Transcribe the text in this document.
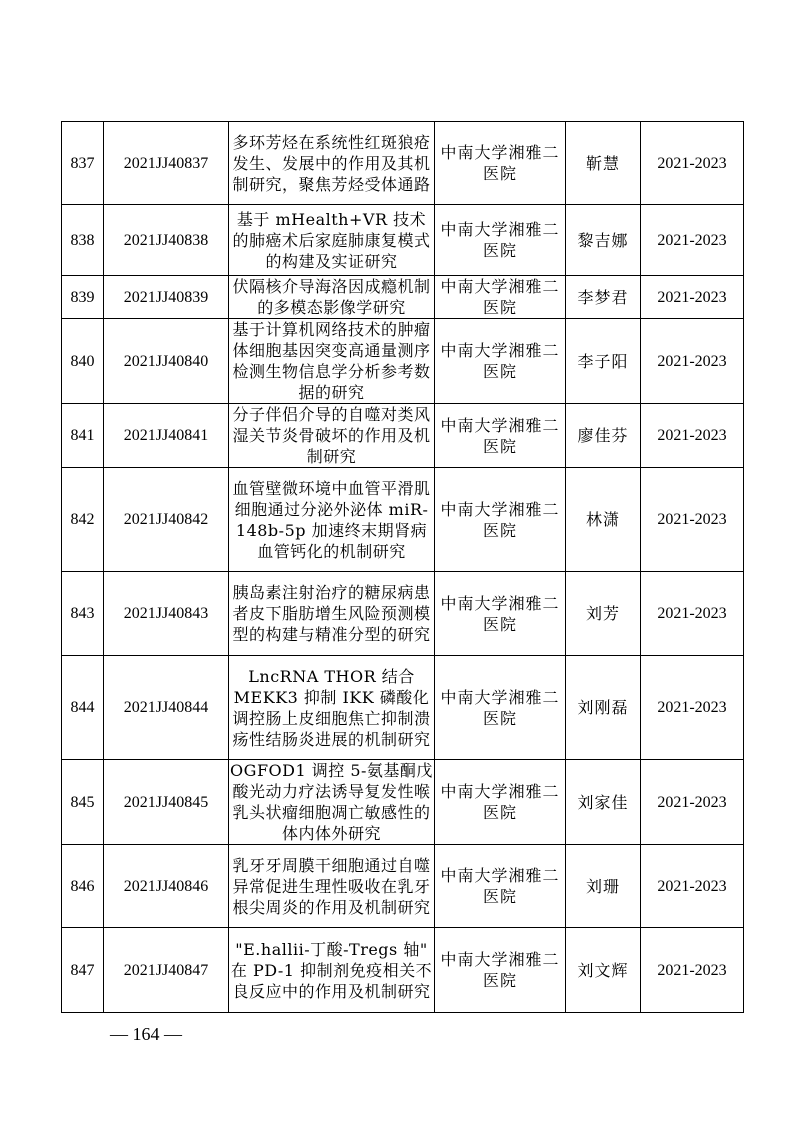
837	2021JJ40837	多环芳烃在系统性红斑狼疮发生、发展中的作用及其机制研究，聚焦芳烃受体通路	中南大学湘雅二医院	靳慧	2021-2023
838	2021JJ40838	基于 mHealth+VR 技术的肺癌术后家庭肺康复模式的构建及实证研究	中南大学湘雅二医院	黎吉娜	2021-2023
839	2021JJ40839	伏隔核介导海洛因成瘾机制的多模态影像学研究	中南大学湘雅二医院	李梦君	2021-2023
840	2021JJ40840	基于计算机网络技术的肿瘤体细胞基因突变高通量测序检测生物信息学分析参考数据的研究	中南大学湘雅二医院	李子阳	2021-2023
841	2021JJ40841	分子伴侣介导的自噬对类风湿关节炎骨破坏的作用及机制研究	中南大学湘雅二医院	廖佳芬	2021-2023
842	2021JJ40842	血管壁微环境中血管平滑肌细胞通过分泌外泌体 miR-148b-5p 加速终末期肾病血管钙化的机制研究	中南大学湘雅二医院	林潇	2021-2023
843	2021JJ40843	胰岛素注射治疗的糖尿病患者皮下脂肪增生风险预测模型的构建与精准分型的研究	中南大学湘雅二医院	刘芳	2021-2023
844	2021JJ40844	LncRNA THOR 结合 MEKK3 抑制 IKK 磷酸化调控肠上皮细胞焦亡抑制溃疡性结肠炎进展的机制研究	中南大学湘雅二医院	刘刚磊	2021-2023
845	2021JJ40845	OGFOD1 调控 5-氨基酮戊酸光动力疗法诱导复发性喉乳头状瘤细胞凋亡敏感性的体内体外研究	中南大学湘雅二医院	刘家佳	2021-2023
846	2021JJ40846	乳牙牙周膜干细胞通过自噬异常促进生理性吸收在乳牙根尖周炎的作用及机制研究	中南大学湘雅二医院	刘珊	2021-2023
847	2021JJ40847	"E.hallii-丁酸-Tregs 轴" 在 PD-1 抑制剂免疫相关不良反应中的作用及机制研究	中南大学湘雅二医院	刘文辉	2021-2023
— 164 —
